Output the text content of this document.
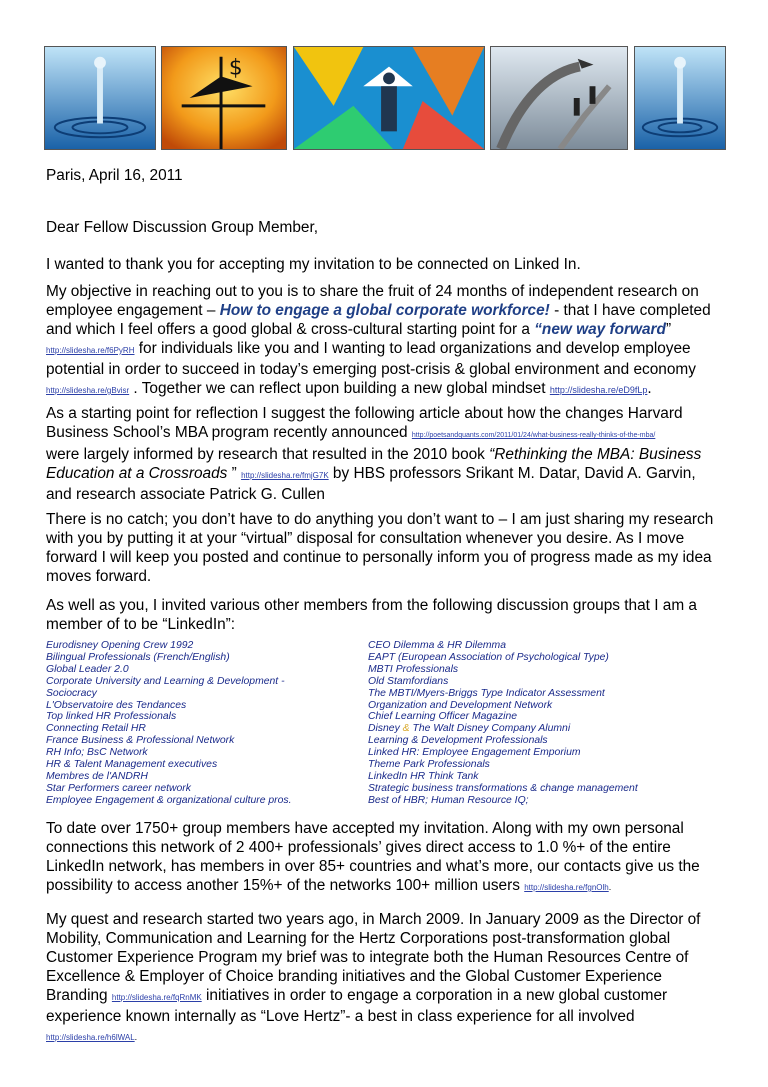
$
Paris, April 16, 2011
Dear Fellow Discussion Group Member,
I wanted to thank you for accepting my invitation to be connected on Linked In.
My objective in reaching out to you is to share the fruit of 24 months of independent research on
employee engagement – How to engage a global corporate workforce! - that I have completed
and which I feel offers a good global & cross-cultural starting point for a “new way forward”
http://slidesha.re/f6PyRH for individuals like you and I wanting to lead organizations and develop employee
potential in order to succeed in today’s emerging post-crisis & global environment and economy
http://slidesha.re/gBvisr . Together we can reflect upon building a new global mindset http://slidesha.re/eD9fLp.
As a starting point for reflection I suggest the following article about how the changes Harvard
Business School’s MBA program recently announced http://poetsandquants.com/2011/01/24/what-business-really-thinks-of-the-mba/
were largely informed by research that resulted in the 2010 book “Rethinking the MBA: Business
Education at a Crossroads ” http://slidesha.re/fmjG7K by HBS professors Srikant M. Datar, David A. Garvin,
and research associate Patrick G. Cullen
There is no catch; you don’t have to do anything you don’t want to – I am just sharing my research
with you by putting it at your “virtual” disposal for consultation whenever you desire. As I move
forward I will keep you posted and continue to personally inform you of progress made as my idea
moves forward.
As well as you, I invited various other members from the following discussion groups that I am a
member of to be “LinkedIn”:
Eurodisney Opening Crew 1992
Bilingual Professionals (French/English)
Global Leader 2.0
Corporate University and Learning & Development -
Sociocracy
L'Observatoire des Tendances
Top linked HR Professionals
Connecting Retail HR
France Business & Professional Network
RH Info; BsC Network
HR & Talent Management executives
Membres de l'ANDRH
Star Performers career network
Employee Engagement & organizational culture pros.
CEO Dilemma & HR Dilemma
EAPT (European Association of Psychological Type)
MBTI Professionals
Old Stamfordians
The MBTI/Myers-Briggs Type Indicator Assessment
Organization and Development Network
Chief Learning Officer Magazine
Disney & The Walt Disney Company Alumni
Learning & Development Professionals
Linked HR: Employee Engagement Emporium
Theme Park Professionals
LinkedIn HR Think Tank
Strategic business transformations & change management
Best of HBR; Human Resource IQ;
To date over 1750+ group members have accepted my invitation. Along with my own personal
connections this network of 2 400+ professionals’ gives direct access to 1.0 %+ of the entire
LinkedIn network, has members in over 85+ countries and what’s more, our contacts give us the
possibility to access another 15%+ of the networks 100+ million users http://slidesha.re/fgnOlh.
My quest and research started two years ago, in March 2009. In January 2009 as the Director of
Mobility, Communication and Learning for the Hertz Corporations post-transformation global
Customer Experience Program my brief was to integrate both the Human Resources Centre of
Excellence & Employer of Choice branding initiatives and the Global Customer Experience
Branding http://slidesha.re/fqRnMK initiatives in order to engage a corporation in a new global customer
experience known internally as “Love Hertz”- a best in class experience for all involved
http://slidesha.re/h6lWAL.
